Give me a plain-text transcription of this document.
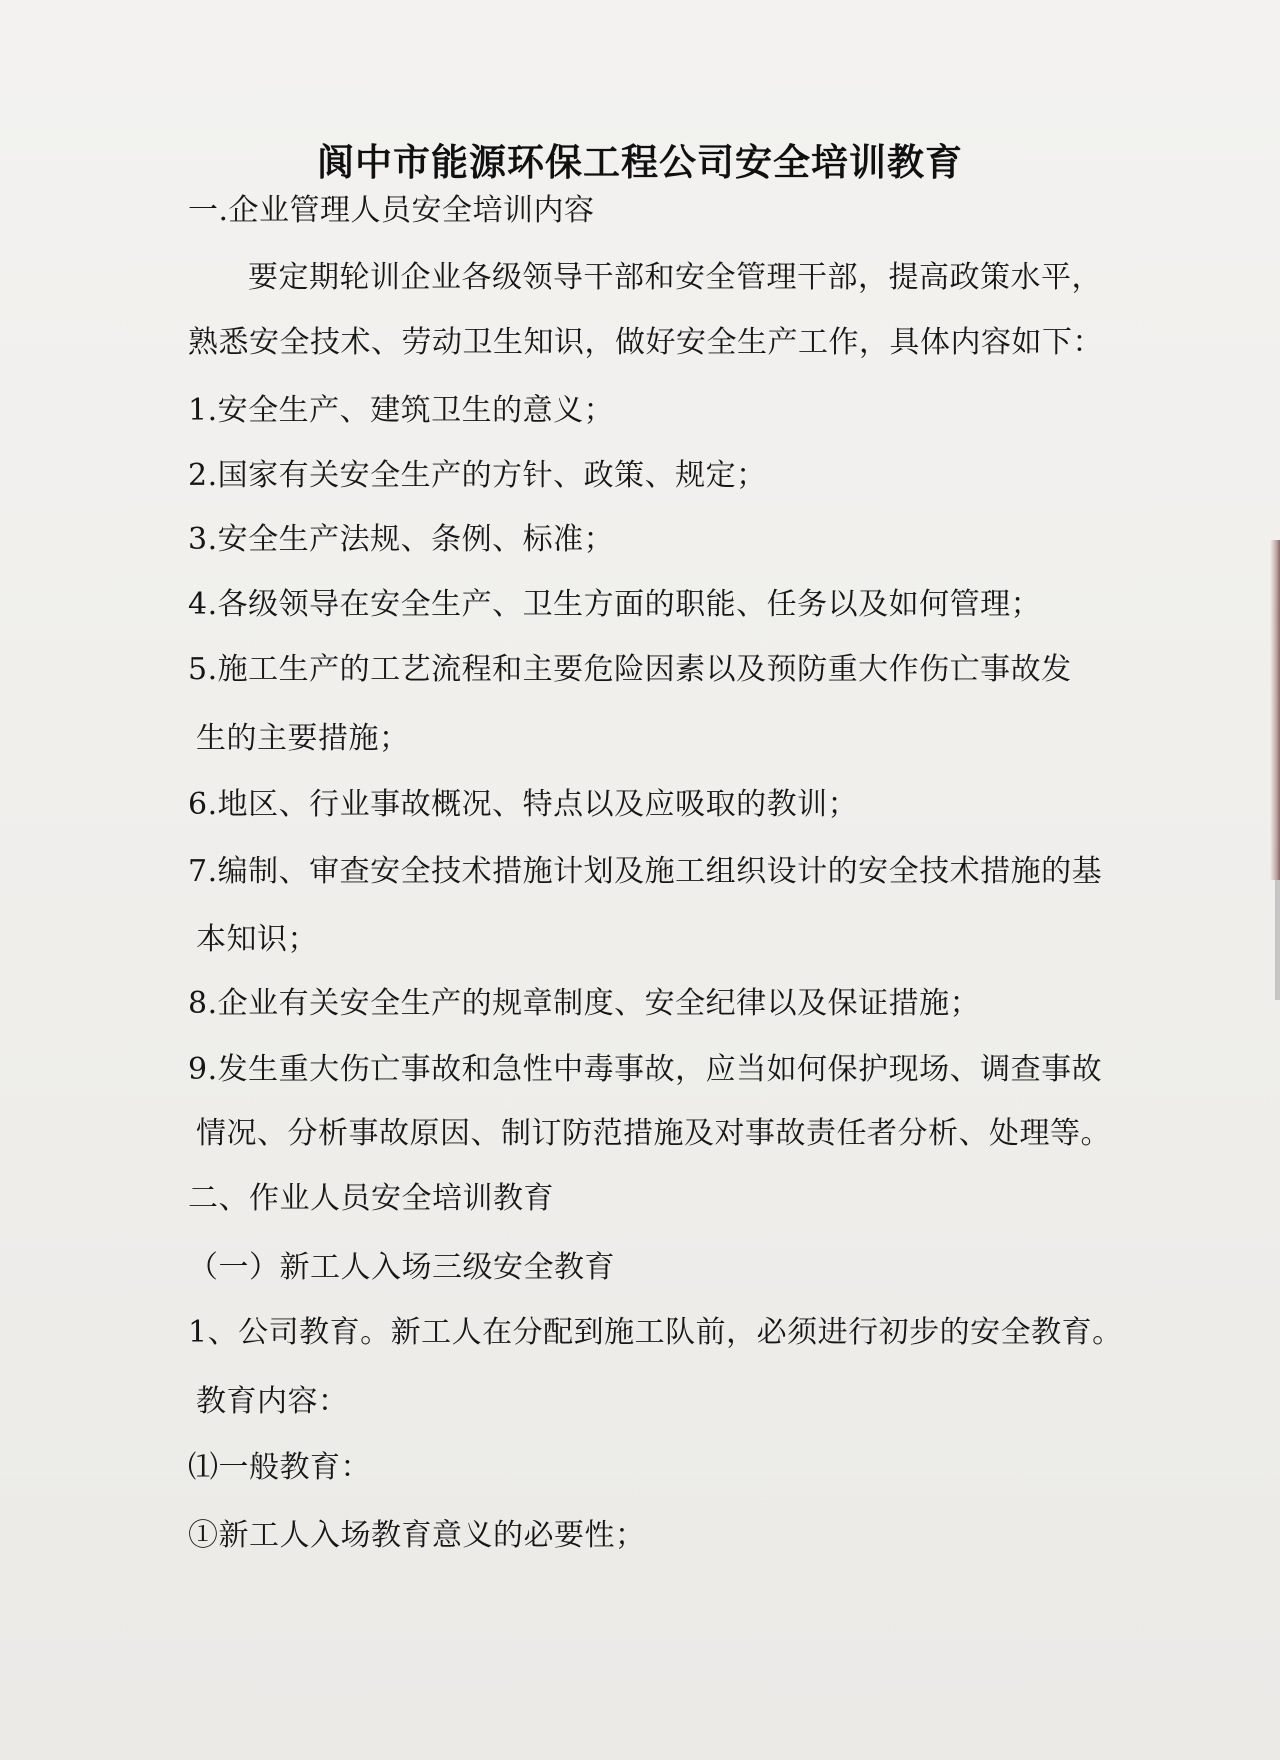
阆中市能源环保工程公司安全培训教育
一.企业管理人员安全培训内容
要定期轮训企业各级领导干部和安全管理干部，提高政策水平，
熟悉安全技术、劳动卫生知识，做好安全生产工作，具体内容如下：
1.安全生产、建筑卫生的意义；
2.国家有关安全生产的方针、政策、规定；
3.安全生产法规、条例、标准；
4.各级领导在安全生产、卫生方面的职能、任务以及如何管理；
5.施工生产的工艺流程和主要危险因素以及预防重大作伤亡事故发
生的主要措施；
6.地区、行业事故概况、特点以及应吸取的教训；
7.编制、审查安全技术措施计划及施工组织设计的安全技术措施的基
本知识；
8.企业有关安全生产的规章制度、安全纪律以及保证措施；
9.发生重大伤亡事故和急性中毒事故，应当如何保护现场、调查事故
情况、分析事故原因、制订防范措施及对事故责任者分析、处理等。
二、作业人员安全培训教育
（一）新工人入场三级安全教育
1、公司教育。新工人在分配到施工队前，必须进行初步的安全教育。
教育内容：
⑴一般教育：
①新工人入场教育意义的必要性；
